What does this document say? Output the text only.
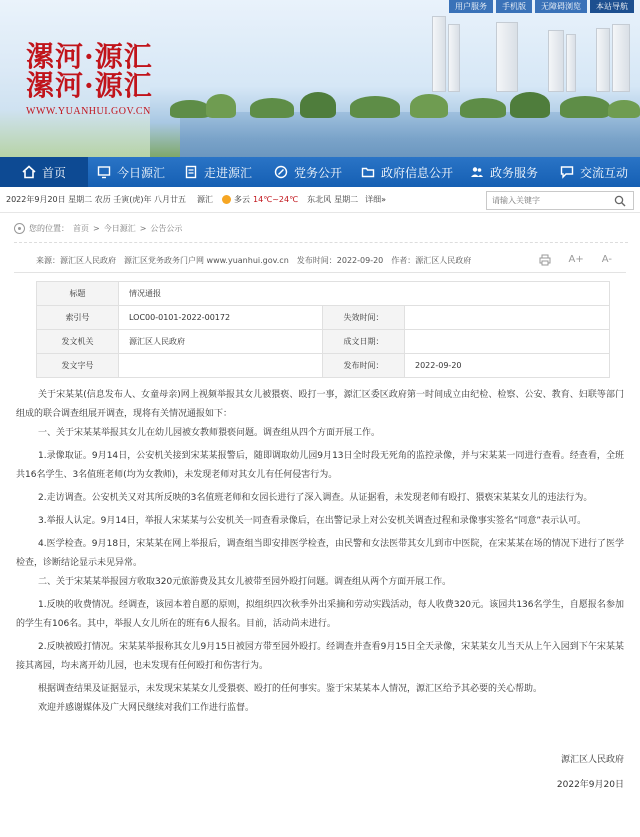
漯河·源汇
漯河·源汇
WWW.YUANHUI.GOV.CN
用户服务	手机版	无障碍浏览	本站导航
首页	今日源汇	走进源汇	党务公开	政府信息公开	政务服务	交流互动
2022年9月20日 星期二 农历 壬寅(虎)年 八月廿五 源汇	多云 14℃~24℃ 东北风 星期二 详细»
请输入关键字
您的位置： 首页 > 今日源汇 > 公告公示
来源：源汇区人民政府 源汇区党务政务门户网 www.yuanhui.gov.cn 发布时间：2022-09-20 作者：源汇区人民政府	A+ A-
标题	情况通报		
索引号	LOC00-0101-2022-00172	失效时间：	
发文机关	源汇区人民政府	成文日期：	
发文字号		发布时间：	2022-09-20

关于宋某某(信息发布人、女童母亲)网上视频举报其女儿被猥亵、殴打一事，源汇区委区政府第一时间成立由纪检、检察、公安、教育、妇联等部门组成的联合调查组展开调查，现将有关情况通报如下：

一、关于宋某某举报其女儿在幼儿园被女教师猥亵问题。调查组从四个方面开展工作。

1.录像取证。9月14日，公安机关接到宋某某报警后，随即调取幼儿园9月13日全时段无死角的监控录像，并与宋某某一同进行查看。经查看，全班共16名学生、3名值班老师(均为女教师)，未发现老师对其女儿有任何侵害行为。

2.走访调查。公安机关又对其所反映的3名值班老师和女园长进行了深入调查。从证据看，未发现老师有殴打、猥亵宋某某女儿的违法行为。

3.举报人认定。9月14日，举报人宋某某与公安机关一同查看录像后，在出警记录上对公安机关调查过程和录像事实签名“同意”表示认可。

4.医学检查。9月18日，宋某某在网上举报后，调查组当即安排医学检查，由民警和女法医带其女儿到市中医院，在宋某某在场的情况下进行了医学检查，诊断结论显示未见异常。

二、关于宋某某举报园方收取320元旅游费及其女儿被带至园外殴打问题。调查组从两个方面开展工作。

1.反映的收费情况。经调查，该园本着自愿的原则，拟组织四次秋季外出采摘和劳动实践活动，每人收费320元。该园共136名学生，自愿报名参加的学生有106名。其中，举报人女儿所在的班有6人报名。目前，活动尚未进行。

2.反映被殴打情况。宋某某举报称其女儿9月15日被园方带至园外殴打。经调查并查看9月15日全天录像，宋某某女儿当天从上午入园到下午宋某某接其离园，均未离开幼儿园，也未发现有任何殴打和伤害行为。

根据调查结果及证据显示，未发现宋某某女儿受猥亵、殴打的任何事实。鉴于宋某某本人情况，源汇区给予其必要的关心帮助。

欢迎并感谢媒体及广大网民继续对我们工作进行监督。

源汇区人民政府
2022年9月20日
